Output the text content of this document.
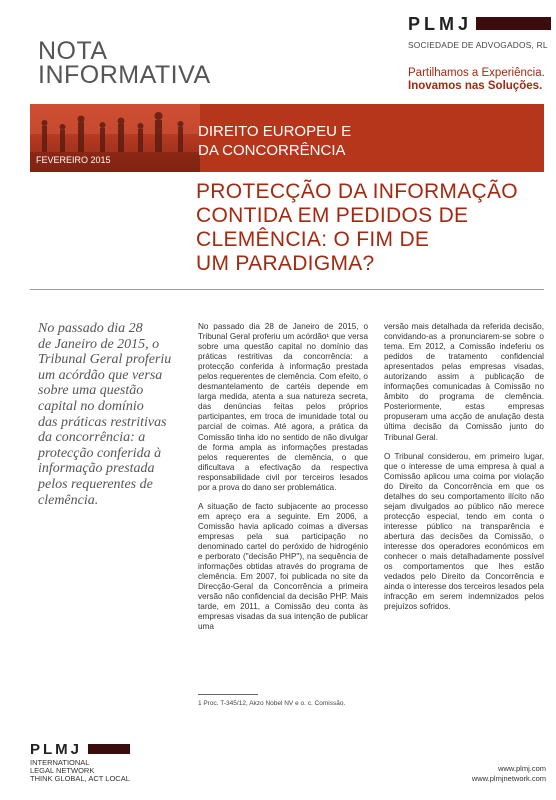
NOTA
INFORMATIVA
PLMJ
SOCIEDADE DE ADVOGADOS, RL
Partilhamos a Experiência.
Inovamos nas Soluções.
DIREITO EUROPEU E
DA CONCORRÊNCIA
FEVEREIRO 2015
PROTECÇÃO DA INFORMAÇÃO
CONTIDA EM PEDIDOS DE
CLEMÊNCIA: O FIM DE
UM PARADIGMA?
No passado dia 28
de Janeiro de 2015, o
Tribunal Geral proferiu
um acórdão que versa
sobre uma questão
capital no domínio
das práticas restritivas
da concorrência: a
protecção conferida à
informação prestada
pelos requerentes de
clemência.

No passado dia 28 de Janeiro de 2015, o Tribunal Geral proferiu um acórdão¹ que versa sobre uma questão capital no domínio das práticas restritivas da concorrência: a protecção conferida à informação prestada pelos requerentes de clemência. Com efeito, o desmantelamento de cartéis depende em larga medida, atenta a sua natureza secreta, das denúncias feitas pelos próprios participantes, em troca de imunidade total ou parcial de coimas. Até agora, a prática da Comissão tinha ido no sentido de não divulgar de forma ampla as informações prestadas pelos requerentes de clemência, o que dificultava a efectivação da respectiva responsabilidade civil por terceiros lesados por a prova do dano ser problemática.

A situação de facto subjacente ao processo em apreço era a seguinte. Em 2006, a Comissão havia aplicado coimas a diversas empresas pela sua participação no denominado cartel do peróxido de hidrogénio e perborato ("decisão PHP"), na sequência de informações obtidas através do programa de clemência. Em 2007, foi publicada no site da Direcção-Geral da Concorrência a primeira versão não confidencial da decisão PHP. Mais tarde, em 2011, a Comissão deu conta às empresas visadas da sua intenção de publicar uma

versão mais detalhada da referida decisão, convidando-as a pronunciarem-se sobre o tema. Em 2012, a Comissão indeferiu os pedidos de tratamento confidencial apresentados pelas empresas visadas, autorizando assim a publicação de informações comunicadas à Comissão no âmbito do programa de clemência. Posteriormente, estas empresas propuseram uma acção de anulação desta última decisão da Comissão junto do Tribunal Geral.

O Tribunal considerou, em primeiro lugar, que o interesse de uma empresa à qual a Comissão aplicou uma coima por violação do Direito da Concorrência em que os detalhes do seu comportamento ilícito não sejam divulgados ao público não merece protecção especial, tendo em conta o interesse público na transparência e abertura das decisões da Comissão, o interesse dos operadores económicos em conhecer o mais detalhadamente possível os comportamentos que lhes estão vedados pelo Direito da Concorrência e ainda o interesse dos terceiros lesados pela infracção em serem indemnizados pelos prejuízos sofridos.

1 Proc. T-345/12, Akzo Nobel NV e o. c. Comissão.
PLMJ
INTERNATIONAL
LEGAL NETWORK
THINK GLOBAL, ACT LOCAL
www.plmj.com
www.plmjnetwork.com
